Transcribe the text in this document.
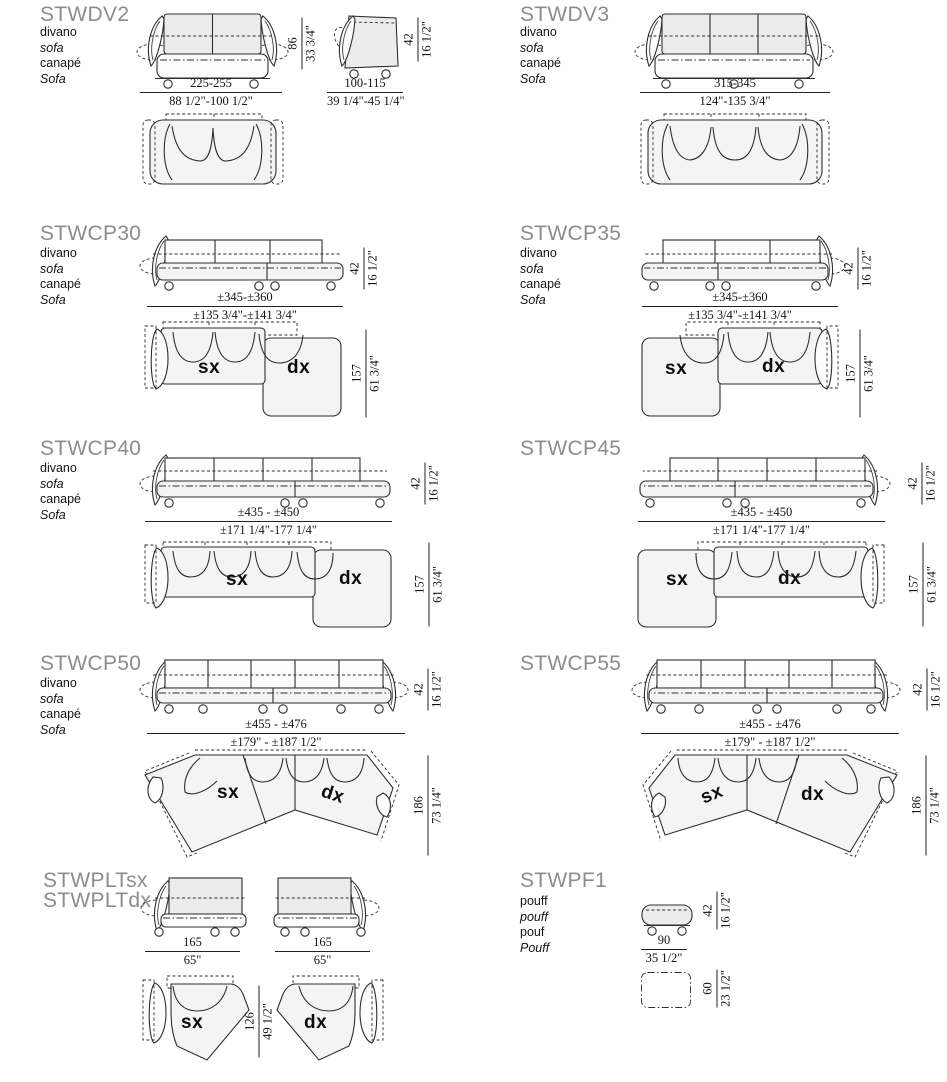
STWDV2
divano
sofa
canapé
Sofa
86 33 3/4"	42 16 1/2"
225-255
88 1/2"-100 1/2"
100-115
39 1/4"-45 1/4"
STWDV3
divano
sofa
canapé
Sofa	315-345
124"-135 3/4"
STWCP30
divano
sofa
canapé
Sofa
42 16 1/2"
±345-±360
±135 3/4"-±141 3/4"
157 61 3/4"
sx	dx
STWCP35
divano
sofa
canapé
Sofa
42 16 1/2"
±345-±360
±135 3/4"-±141 3/4"
157 61 3/4"
sx	dx
STWCP40
divano
sofa
canapé
Sofa
42 16 1/2"
±435 - ±450
±171 1/4"-177 1/4"
157 61 3/4"
sx	dx
STWCP45
42 16 1/2"
±435 - ±450
±171 1/4"-177 1/4"
157 61 3/4"
sx	dx
STWCP50
divano
sofa
canapé
Sofa
42 16 1/2"
±455 - ±476
±179" - ±187 1/2"
186 73 1/4"
sx	dx
STWCP55
42 16 1/2"
±455 - ±476
±179" - ±187 1/2"
186 73 1/4"
sx	dx
STWPLTsx
STWPLTdx
165
65"
165
65"
126 49 1/2"
sx	dx
STWPF1
pouff
pouff
pouf
Pouff
42 16 1/2"
90
35 1/2"
60 23 1/2"
